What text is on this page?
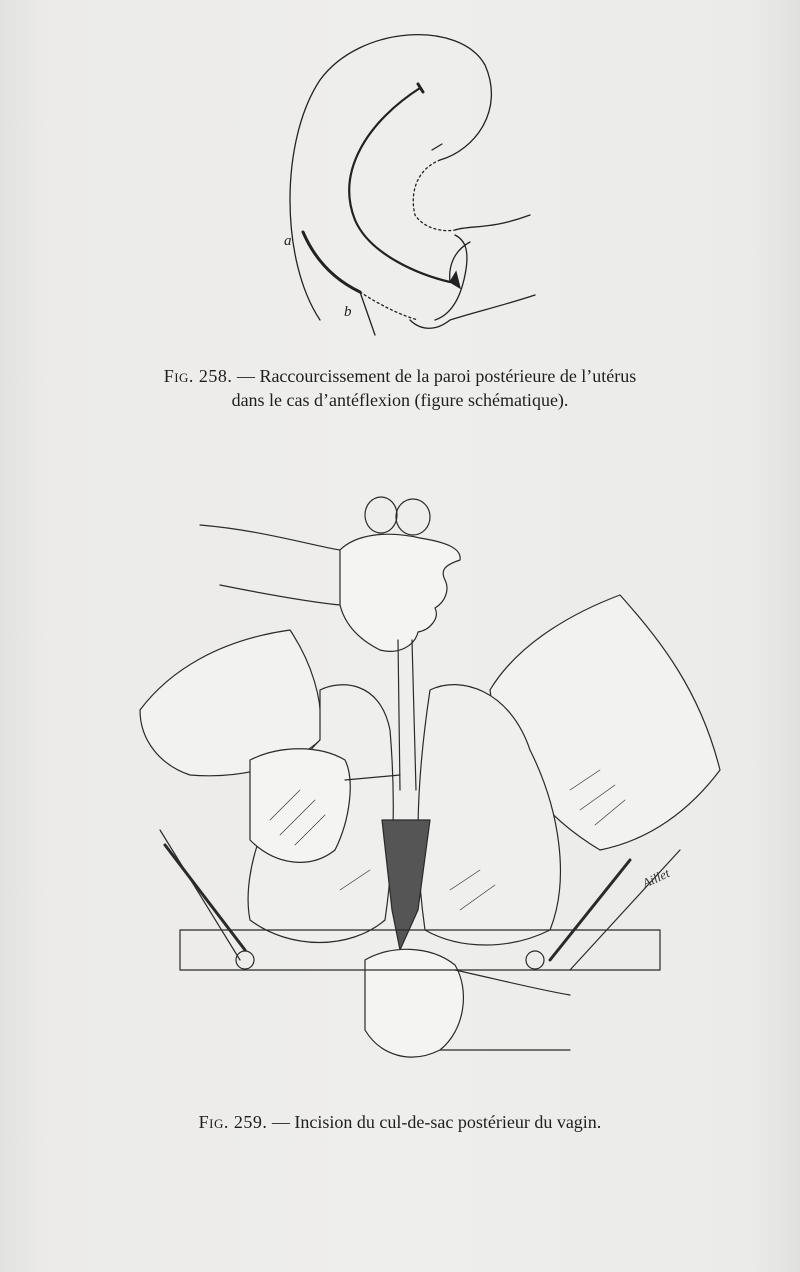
a
b
Fig. 258. — Raccourcissement de la paroi postérieure de l’utérus
dans le cas d’antéflexion (figure schématique).
Aillet
Fig. 259. — Incision du cul-de-sac postérieur du vagin.
